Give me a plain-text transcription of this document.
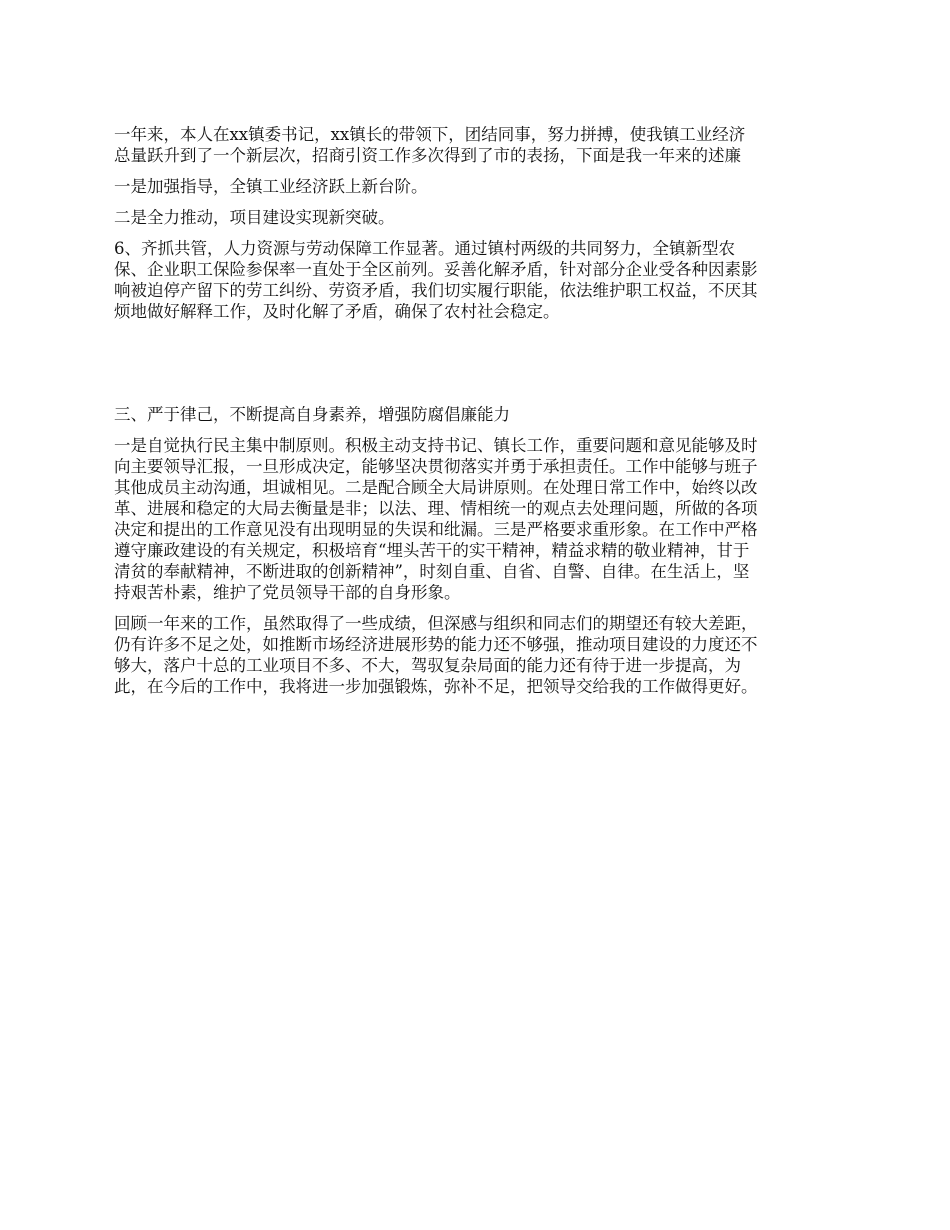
一年来，本人在xx镇委书记，xx镇长的带领下，团结同事，努力拼搏，使我镇工业经济
总量跃升到了一个新层次，招商引资工作多次得到了市的表扬，下面是我一年来的述廉

一是加强指导，全镇工业经济跃上新台阶。

二是全力推动，项目建设实现新突破。

6、齐抓共管，人力资源与劳动保障工作显著。通过镇村两级的共同努力，全镇新型农
保、企业职工保险参保率一直处于全区前列。妥善化解矛盾，针对部分企业受各种因素影
响被迫停产留下的劳工纠纷、劳资矛盾，我们切实履行职能，依法维护职工权益，不厌其
烦地做好解释工作，及时化解了矛盾，确保了农村社会稳定。

三、严于律己，不断提高自身素养，增强防腐倡廉能力

一是自觉执行民主集中制原则。积极主动支持书记、镇长工作，重要问题和意见能够及时
向主要领导汇报，一旦形成决定，能够坚决贯彻落实并勇于承担责任。工作中能够与班子
其他成员主动沟通，坦诚相见。二是配合顾全大局讲原则。在处理日常工作中，始终以改
革、进展和稳定的大局去衡量是非；以法、理、情相统一的观点去处理问题，所做的各项
决定和提出的工作意见没有出现明显的失误和纰漏。三是严格要求重形象。在工作中严格
遵守廉政建设的有关规定，积极培育“埋头苦干的实干精神，精益求精的敬业精神，甘于
清贫的奉献精神，不断进取的创新精神”，时刻自重、自省、自警、自律。在生活上，坚
持艰苦朴素，维护了党员领导干部的自身形象。

回顾一年来的工作，虽然取得了一些成绩，但深感与组织和同志们的期望还有较大差距，
仍有许多不足之处，如推断市场经济进展形势的能力还不够强，推动项目建设的力度还不
够大，落户十总的工业项目不多、不大，驾驭复杂局面的能力还有待于进一步提高，为
此，在今后的工作中，我将进一步加强锻炼，弥补不足，把领导交给我的工作做得更好。
